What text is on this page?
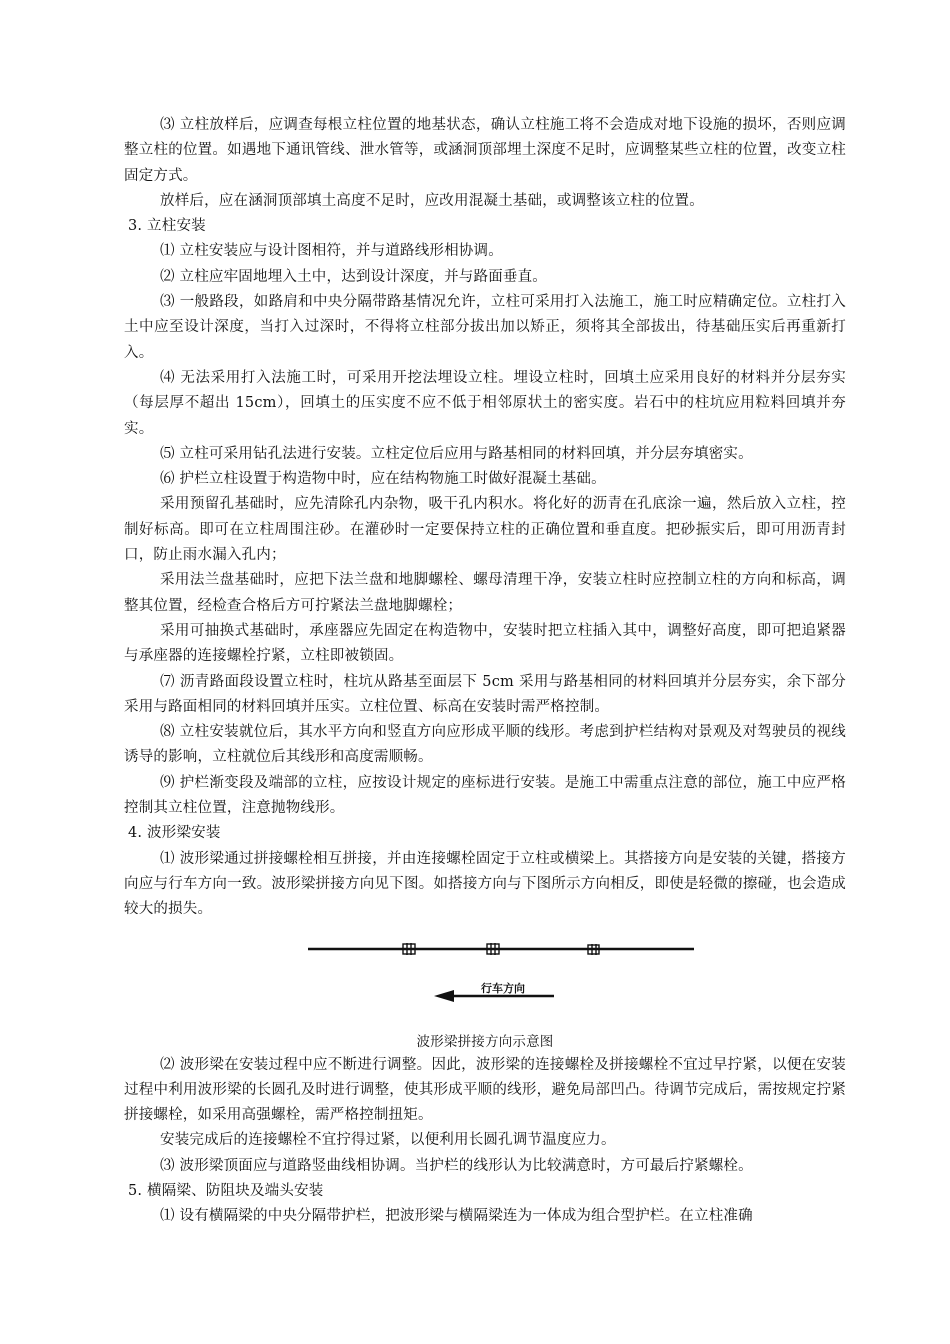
⑶ 立柱放样后，应调查每根立柱位置的地基状态，确认立柱施工将不会造成对地下设施的损坏，否则应调整立柱的位置。如遇地下通讯管线、泄水管等，或涵洞顶部埋土深度不足时，应调整某些立柱的位置，改变立柱固定方式。

放样后，应在涵洞顶部填土高度不足时，应改用混凝土基础，或调整该立柱的位置。

3. 立柱安装

⑴ 立柱安装应与设计图相符，并与道路线形相协调。

⑵ 立柱应牢固地埋入土中，达到设计深度，并与路面垂直。

⑶ 一般路段，如路肩和中央分隔带路基情况允许，立柱可采用打入法施工，施工时应精确定位。立柱打入土中应至设计深度，当打入过深时，不得将立柱部分拔出加以矫正，须将其全部拔出，待基础压实后再重新打入。

⑷ 无法采用打入法施工时，可采用开挖法埋设立柱。埋设立柱时，回填土应采用良好的材料并分层夯实（每层厚不超出 15cm），回填土的压实度不应不低于相邻原状土的密实度。岩石中的柱坑应用粒料回填并夯实。

⑸ 立柱可采用钻孔法进行安装。立柱定位后应用与路基相同的材料回填，并分层夯填密实。

⑹ 护栏立柱设置于构造物中时，应在结构物施工时做好混凝土基础。

采用预留孔基础时，应先清除孔内杂物，吸干孔内积水。将化好的沥青在孔底涂一遍，然后放入立柱，控制好标高。即可在立柱周围注砂。在灌砂时一定要保持立柱的正确位置和垂直度。把砂振实后，即可用沥青封口，防止雨水漏入孔内；

采用法兰盘基础时，应把下法兰盘和地脚螺栓、螺母清理干净，安装立柱时应控制立柱的方向和标高，调整其位置，经检查合格后方可拧紧法兰盘地脚螺栓；

采用可抽换式基础时，承座器应先固定在构造物中，安装时把立柱插入其中，调整好高度，即可把追紧器与承座器的连接螺栓拧紧，立柱即被锁固。

⑺ 沥青路面段设置立柱时，柱坑从路基至面层下 5cm 采用与路基相同的材料回填并分层夯实，余下部分采用与路面相同的材料回填并压实。立柱位置、标高在安装时需严格控制。

⑻ 立柱安装就位后，其水平方向和竖直方向应形成平顺的线形。考虑到护栏结构对景观及对驾驶员的视线诱导的影响，立柱就位后其线形和高度需顺畅。

⑼ 护栏渐变段及端部的立柱，应按设计规定的座标进行安装。是施工中需重点注意的部位，施工中应严格控制其立柱位置，注意抛物线形。

4. 波形梁安装

⑴ 波形梁通过拼接螺栓相互拼接，并由连接螺栓固定于立柱或横梁上。其搭接方向是安装的关键，搭接方向应与行车方向一致。波形梁拼接方向见下图。如搭接方向与下图所示方向相反，即使是轻微的擦碰，也会造成较大的损失。

行车方向

波形梁拼接方向示意图

⑵ 波形梁在安装过程中应不断进行调整。因此，波形梁的连接螺栓及拼接螺栓不宜过早拧紧，以便在安装过程中利用波形梁的长圆孔及时进行调整，使其形成平顺的线形，避免局部凹凸。待调节完成后，需按规定拧紧拼接螺栓，如采用高强螺栓，需严格控制扭矩。

安装完成后的连接螺栓不宜拧得过紧，以便利用长圆孔调节温度应力。

⑶ 波形梁顶面应与道路竖曲线相协调。当护栏的线形认为比较满意时，方可最后拧紧螺栓。

5. 横隔梁、防阻块及端头安装

⑴ 设有横隔梁的中央分隔带护栏，把波形梁与横隔梁连为一体成为组合型护栏。在立柱准确
